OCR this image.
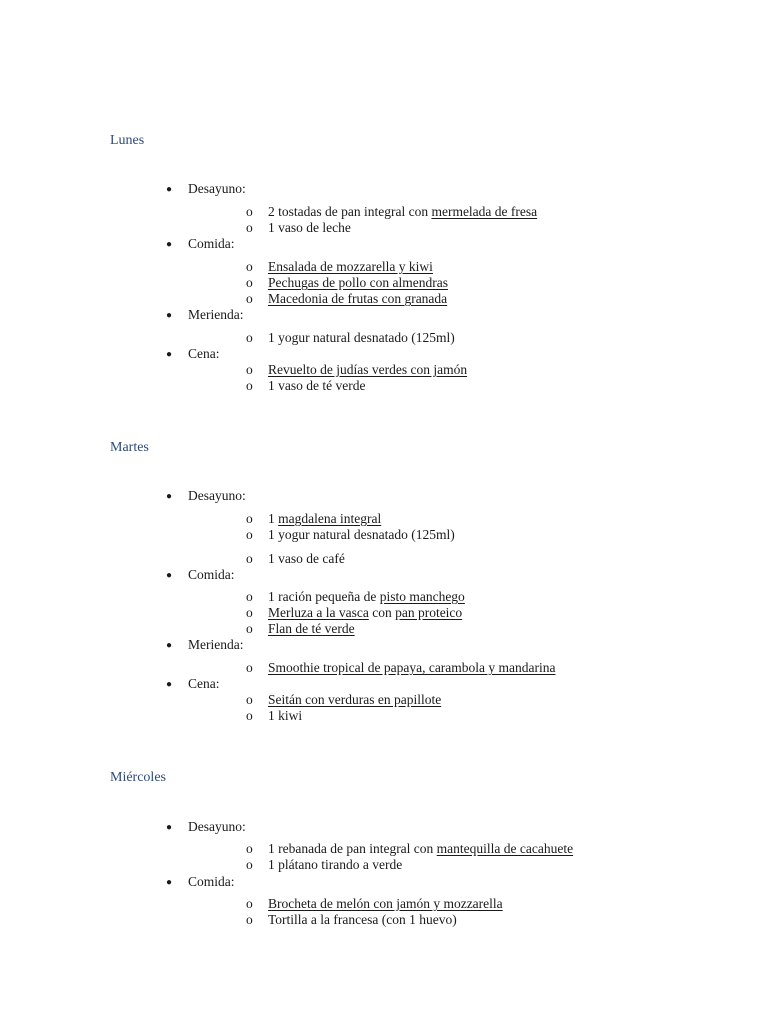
Lunes
● Desayuno:
o 2 tostadas de pan integral con mermelada de fresa
o 1 vaso de leche
● Comida:
o Ensalada de mozzarella y kiwi
o Pechugas de pollo con almendras
o Macedonia de frutas con granada
● Merienda:
o 1 yogur natural desnatado (125ml)
● Cena:
o Revuelto de judías verdes con jamón
o 1 vaso de té verde
Martes
● Desayuno:
o 1 magdalena integral
o 1 yogur natural desnatado (125ml)
o 1 vaso de café
● Comida:
o 1 ración pequeña de pisto manchego
o Merluza a la vasca con pan proteico
o Flan de té verde
● Merienda:
o Smoothie tropical de papaya, carambola y mandarina
● Cena:
o Seitán con verduras en papillote
o 1 kiwi
Miércoles
● Desayuno:
o 1 rebanada de pan integral con mantequilla de cacahuete
o 1 plátano tirando a verde
● Comida:
o Brocheta de melón con jamón y mozzarella
o Tortilla a la francesa (con 1 huevo)
